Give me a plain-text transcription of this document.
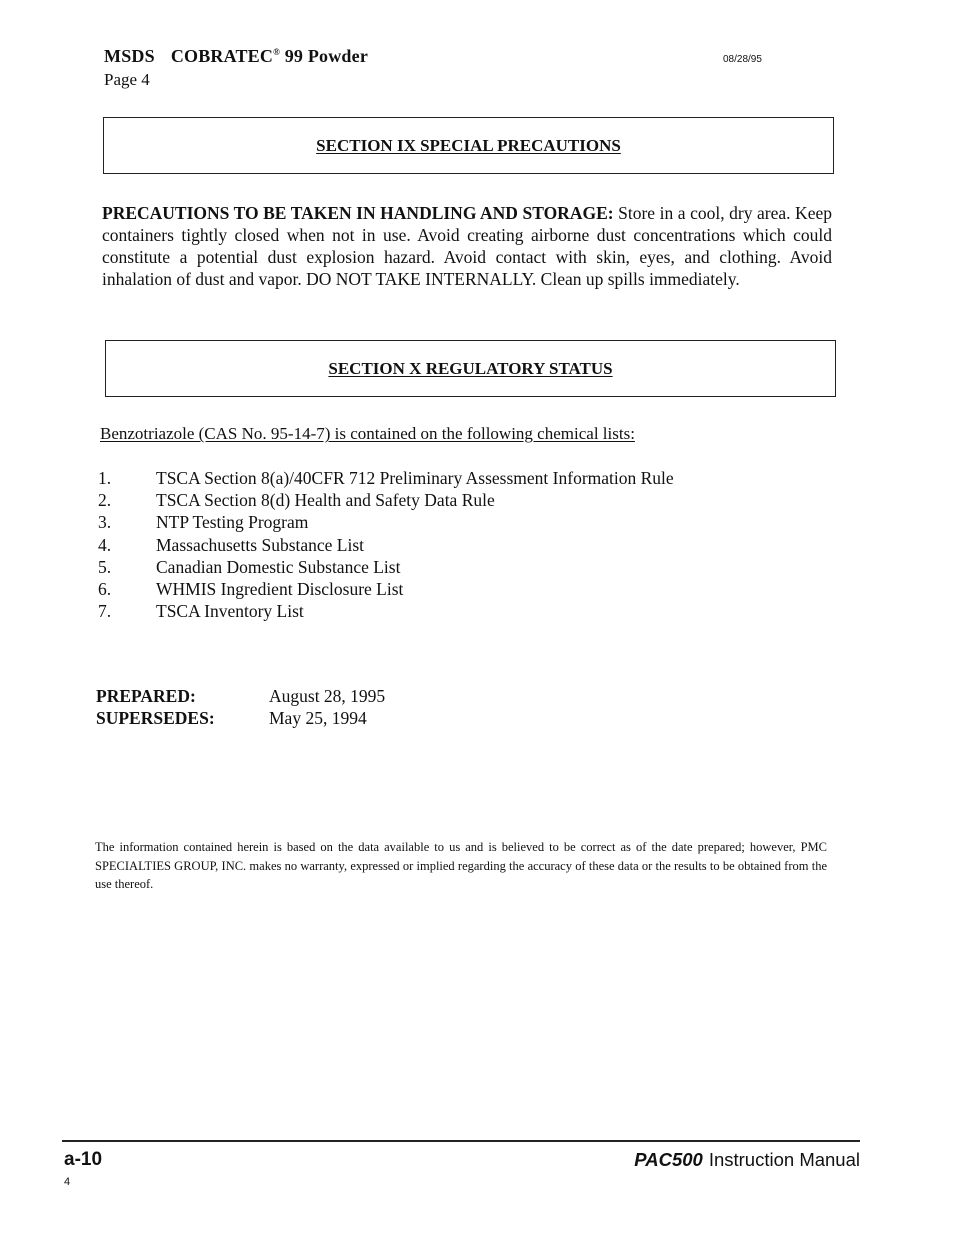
MSDS COBRATEC® 99 Powder
Page 4
08/28/95
SECTION IX SPECIAL PRECAUTIONS
PRECAUTIONS TO BE TAKEN IN HANDLING AND STORAGE: Store in a cool, dry area. Keep containers tightly closed when not in use. Avoid creating airborne dust concentrations which could constitute a potential dust explosion hazard. Avoid contact with skin, eyes, and clothing. Avoid inhalation of dust and vapor. DO NOT TAKE INTERNALLY. Clean up spills immediately.
SECTION X REGULATORY STATUS
Benzotriazole (CAS No. 95-14-7) is contained on the following chemical lists:
1.	TSCA Section 8(a)/40CFR 712 Preliminary Assessment Information Rule
2.	TSCA Section 8(d) Health and Safety Data Rule
3.	NTP Testing Program
4.	Massachusetts Substance List
5.	Canadian Domestic Substance List
6.	WHMIS Ingredient Disclosure List
7.	TSCA Inventory List
PREPARED:	August 28, 1995
SUPERSEDES:	May 25, 1994
The information contained herein is based on the data available to us and is believed to be correct as of the date prepared; however, PMC SPECIALTIES GROUP, INC. makes no warranty, expressed or implied regarding the accuracy of these data or the results to be obtained from the use thereof.
a-10	PAC500 Instruction Manual
4
